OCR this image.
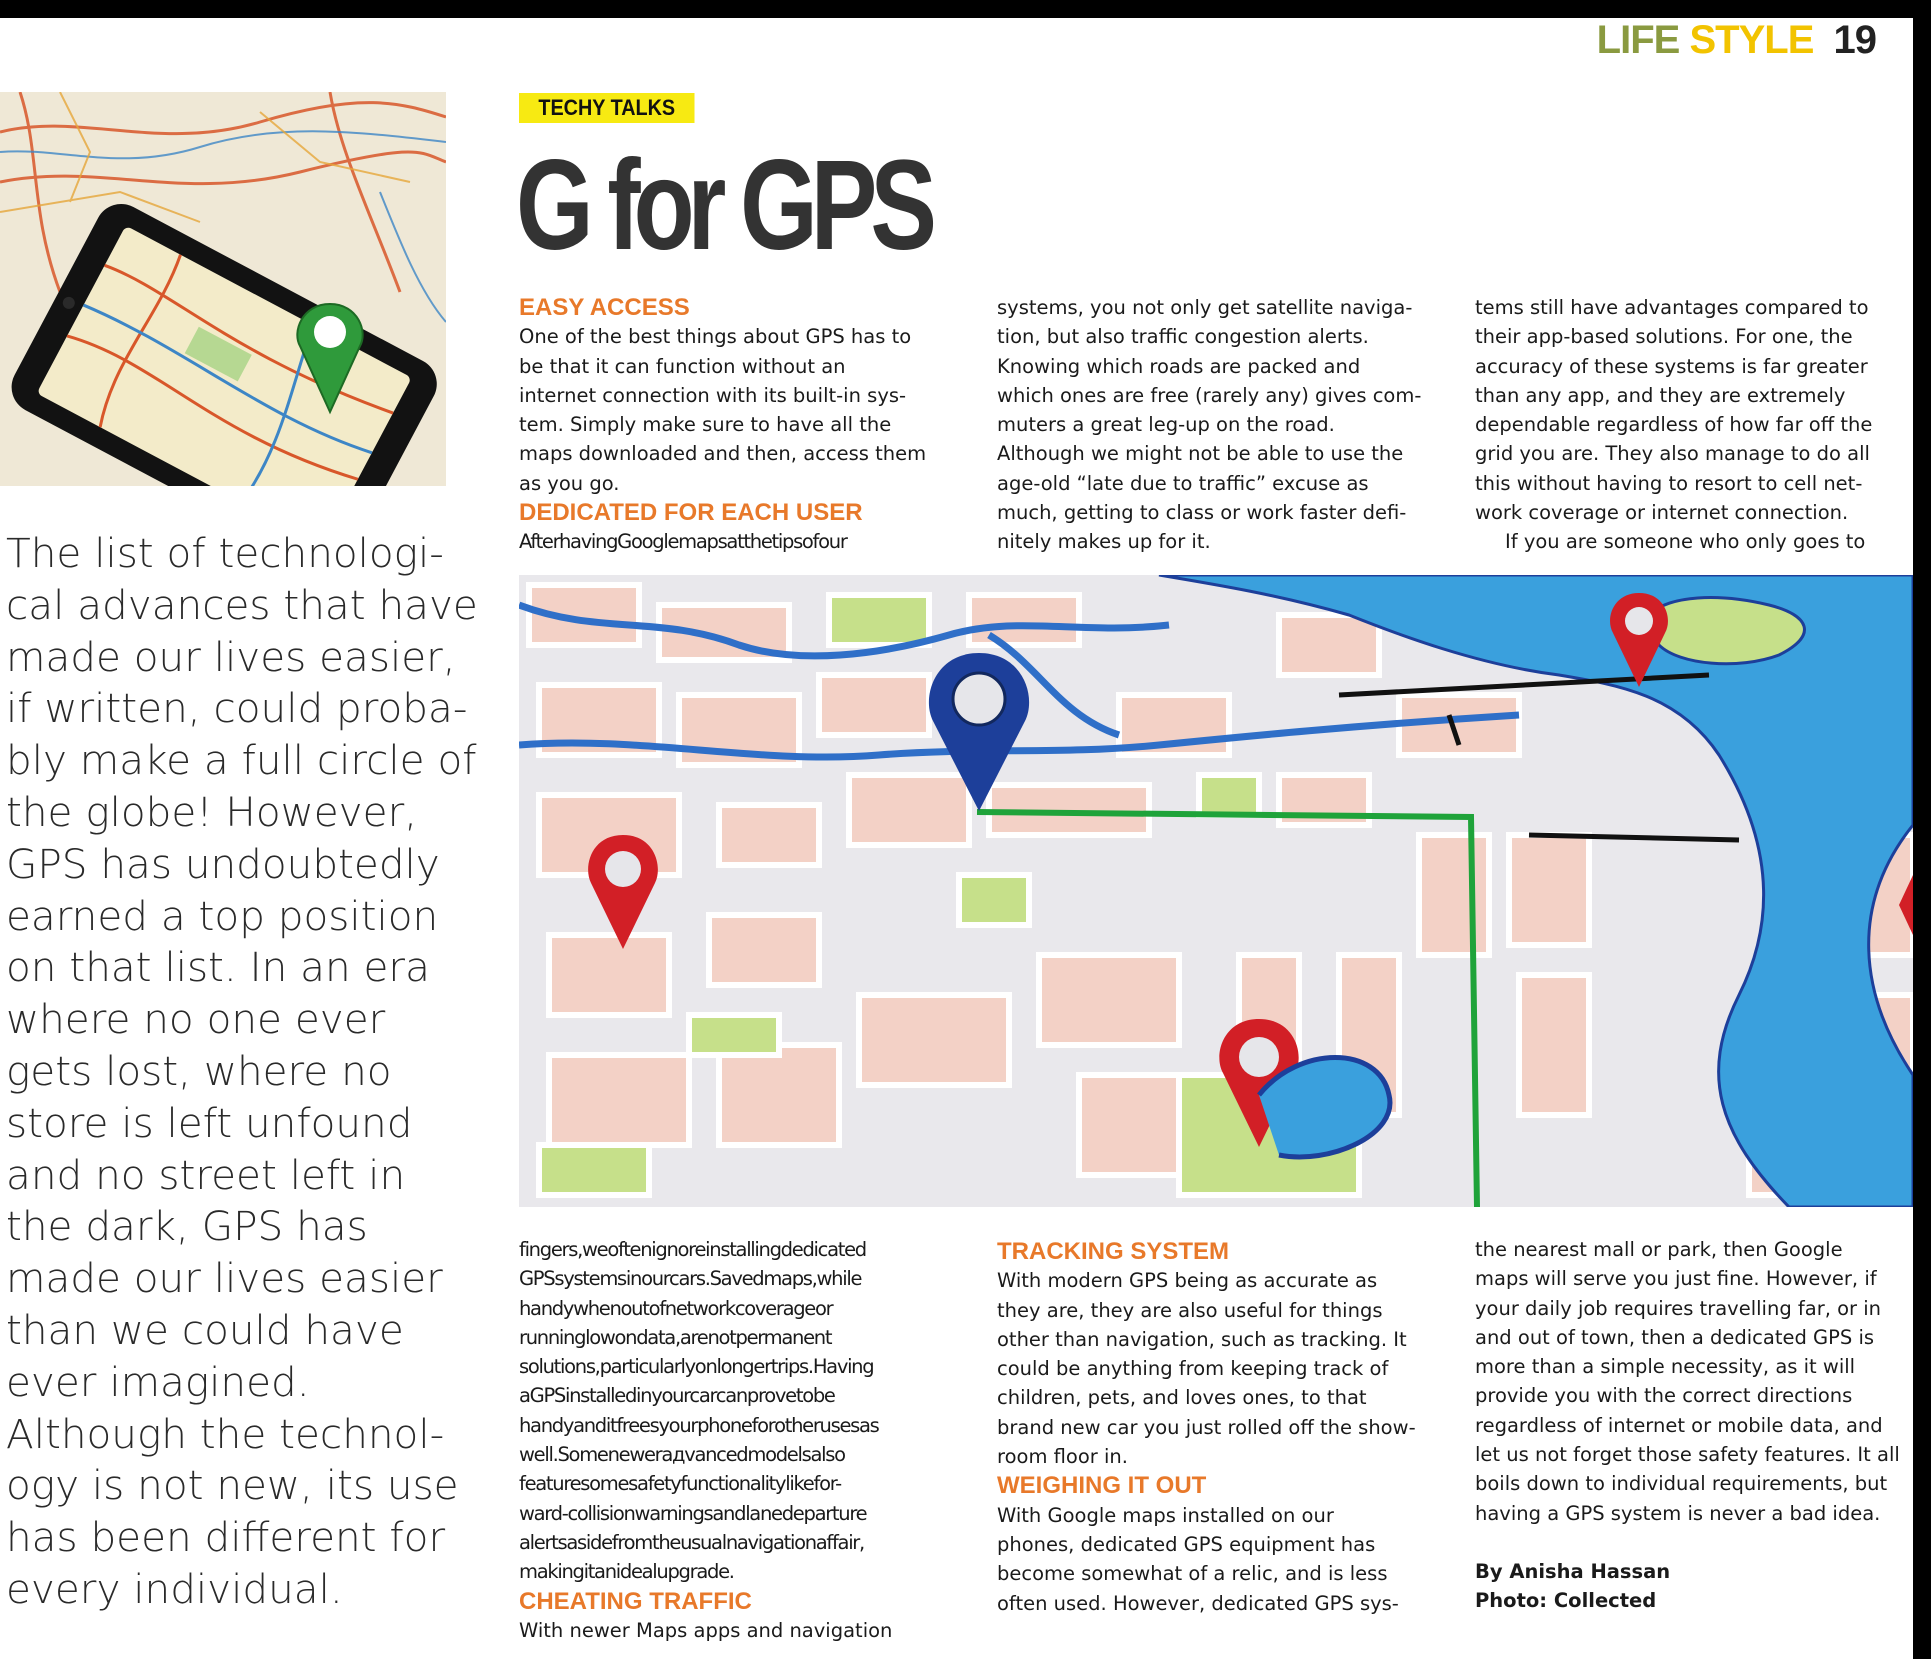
LIFE STYLE 19
The list of technologi-
cal advances that have
made our lives easier,
if written, could proba-
bly make a full circle of
the globe! However,
GPS has undoubtedly
earned a top position
on that list. In an era
where no one ever
gets lost, where no
store is left unfound
and no street left in
the dark, GPS has
made our lives easier
than we could have
ever imagined.
Although the technol-
ogy is not new, its use
has been different for
every individual.
TECHY TALKS
G for GPS
EASY ACCESS
One of the best things about GPS has to
be that it can function without an
internet connection with its built-in sys-
tem. Simply make sure to have all the
maps downloaded and then, access them
as you go.
DEDICATED FOR EACH USER
AfterhavingGooglemapsatthetipsofour
systems, you not only get satellite naviga-
tion, but also traffic congestion alerts.
Knowing which roads are packed and
which ones are free (rarely any) gives com-
muters a great leg-up on the road.
Although we might not be able to use the
age-old “late due to traffic” excuse as
much, getting to class or work faster defi-
nitely makes up for it.
tems still have advantages compared to
their app-based solutions. For one, the
accuracy of these systems is far greater
than any app, and they are extremely
dependable regardless of how far off the
grid you are. They also manage to do all
this without having to resort to cell net-
work coverage or internet connection.
If you are someone who only goes to
fingers,weoftenignoreinstallingdedicated
GPSsystemsinourcars.Savedmaps,while
handywhenoutofnetworkcoverageor
runninglowondata,arenotpermanent
solutions,particularlyonlongertrips.Having
aGPSinstalledinyourcarcanprovetobe
handyanditfreesyourphoneforotherusesas
well.Somenewerадvancedmodelsalso
featuresomesafetyfunctionalitylikefor-
ward-collisionwarningsandlanedeparture
alertsasidefromtheusualnavigationaffair,
makingitanidealupgrade.
CHEATING TRAFFIC
With newer Maps apps and navigation
TRACKING SYSTEM
With modern GPS being as accurate as
they are, they are also useful for things
other than navigation, such as tracking. It
could be anything from keeping track of
children, pets, and loves ones, to that
brand new car you just rolled off the show-
room floor in.
WEIGHING IT OUT
With Google maps installed on our
phones, dedicated GPS equipment has
become somewhat of a relic, and is less
often used. However, dedicated GPS sys-
the nearest mall or park, then Google
maps will serve you just fine. However, if
your daily job requires travelling far, or in
and out of town, then a dedicated GPS is
more than a simple necessity, as it will
provide you with the correct directions
regardless of internet or mobile data, and
let us not forget those safety features. It all
boils down to individual requirements, but
having a GPS system is never a bad idea.
By Anisha Hassan
Photo: Collected
